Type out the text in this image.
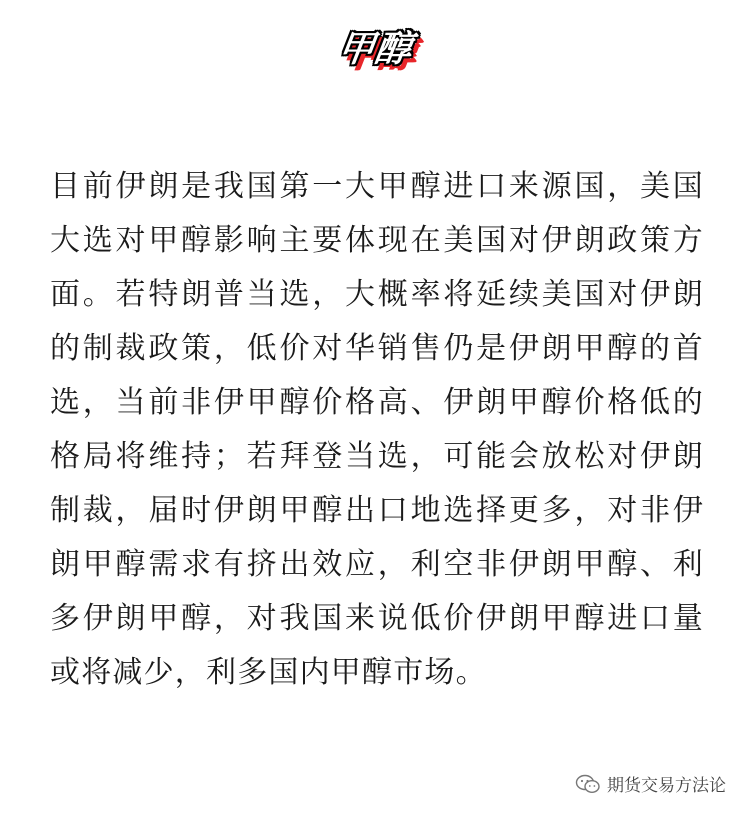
甲醇

目前伊朗是我国第一大甲醇进口来源国，美国大选对甲醇影响主要体现在美国对伊朗政策方面。若特朗普当选，大概率将延续美国对伊朗的制裁政策，低价对华销售仍是伊朗甲醇的首选，当前非伊甲醇价格高、伊朗甲醇价格低的格局将维持；若拜登当选，可能会放松对伊朗制裁，届时伊朗甲醇出口地选择更多，对非伊朗甲醇需求有挤出效应，利空非伊朗甲醇、利多伊朗甲醇，对我国来说低价伊朗甲醇进口量或将减少，利多国内甲醇市场。

期货交易方法论
